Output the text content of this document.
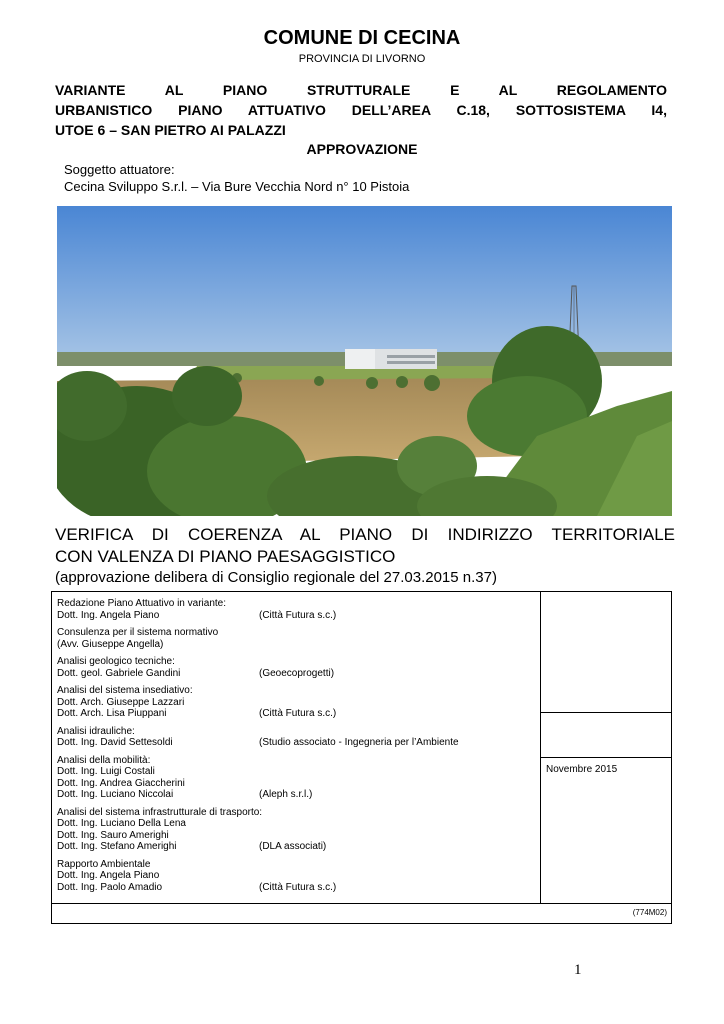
COMUNE DI CECINA
PROVINCIA DI LIVORNO
VARIANTE AL PIANO STRUTTURALE E AL REGOLAMENTO
URBANISTICO PIANO ATTUATIVO DELL’AREA C.18, SOTTOSISTEMA I4,
UTOE 6 – SAN PIETRO AI PALAZZI
APPROVAZIONE
Soggetto attuatore:
Cecina Sviluppo S.r.l. – Via Bure Vecchia Nord n° 10 Pistoia
VERIFICA DI COERENZA AL PIANO DI INDIRIZZO TERRITORIALE
CON VALENZA DI PIANO PAESAGGISTICO
(approvazione delibera di Consiglio regionale del 27.03.2015 n.37)
Redazione Piano Attuativo in variante:
Dott. Ing. Angela Piano	(Città Futura s.c.)
Consulenza per il sistema normativo
(Avv. Giuseppe Angella)
Analisi geologico tecniche:
Dott. geol. Gabriele Gandini	(Geoecoprogetti)
Analisi del sistema insediativo:
Dott. Arch. Giuseppe Lazzari
Dott. Arch. Lisa Piuppani	(Città Futura s.c.)
Analisi idrauliche:
Dott. Ing. David Settesoldi	(Studio associato - Ingegneria per l’Ambiente
Analisi della mobilità:
Dott. Ing. Luigi Costali
Dott. Ing. Andrea Giaccherini
Dott. Ing. Luciano Niccolai	(Aleph s.r.l.)
Analisi del sistema infrastrutturale di trasporto:
Dott. Ing. Luciano Della Lena
Dott. Ing. Sauro Amerighi
Dott. Ing. Stefano Amerighi	(DLA associati)
Rapporto Ambientale
Dott. Ing. Angela Piano
Dott. Ing. Paolo Amadio	(Città Futura s.c.)

Novembre 2015
(774M02)
1
